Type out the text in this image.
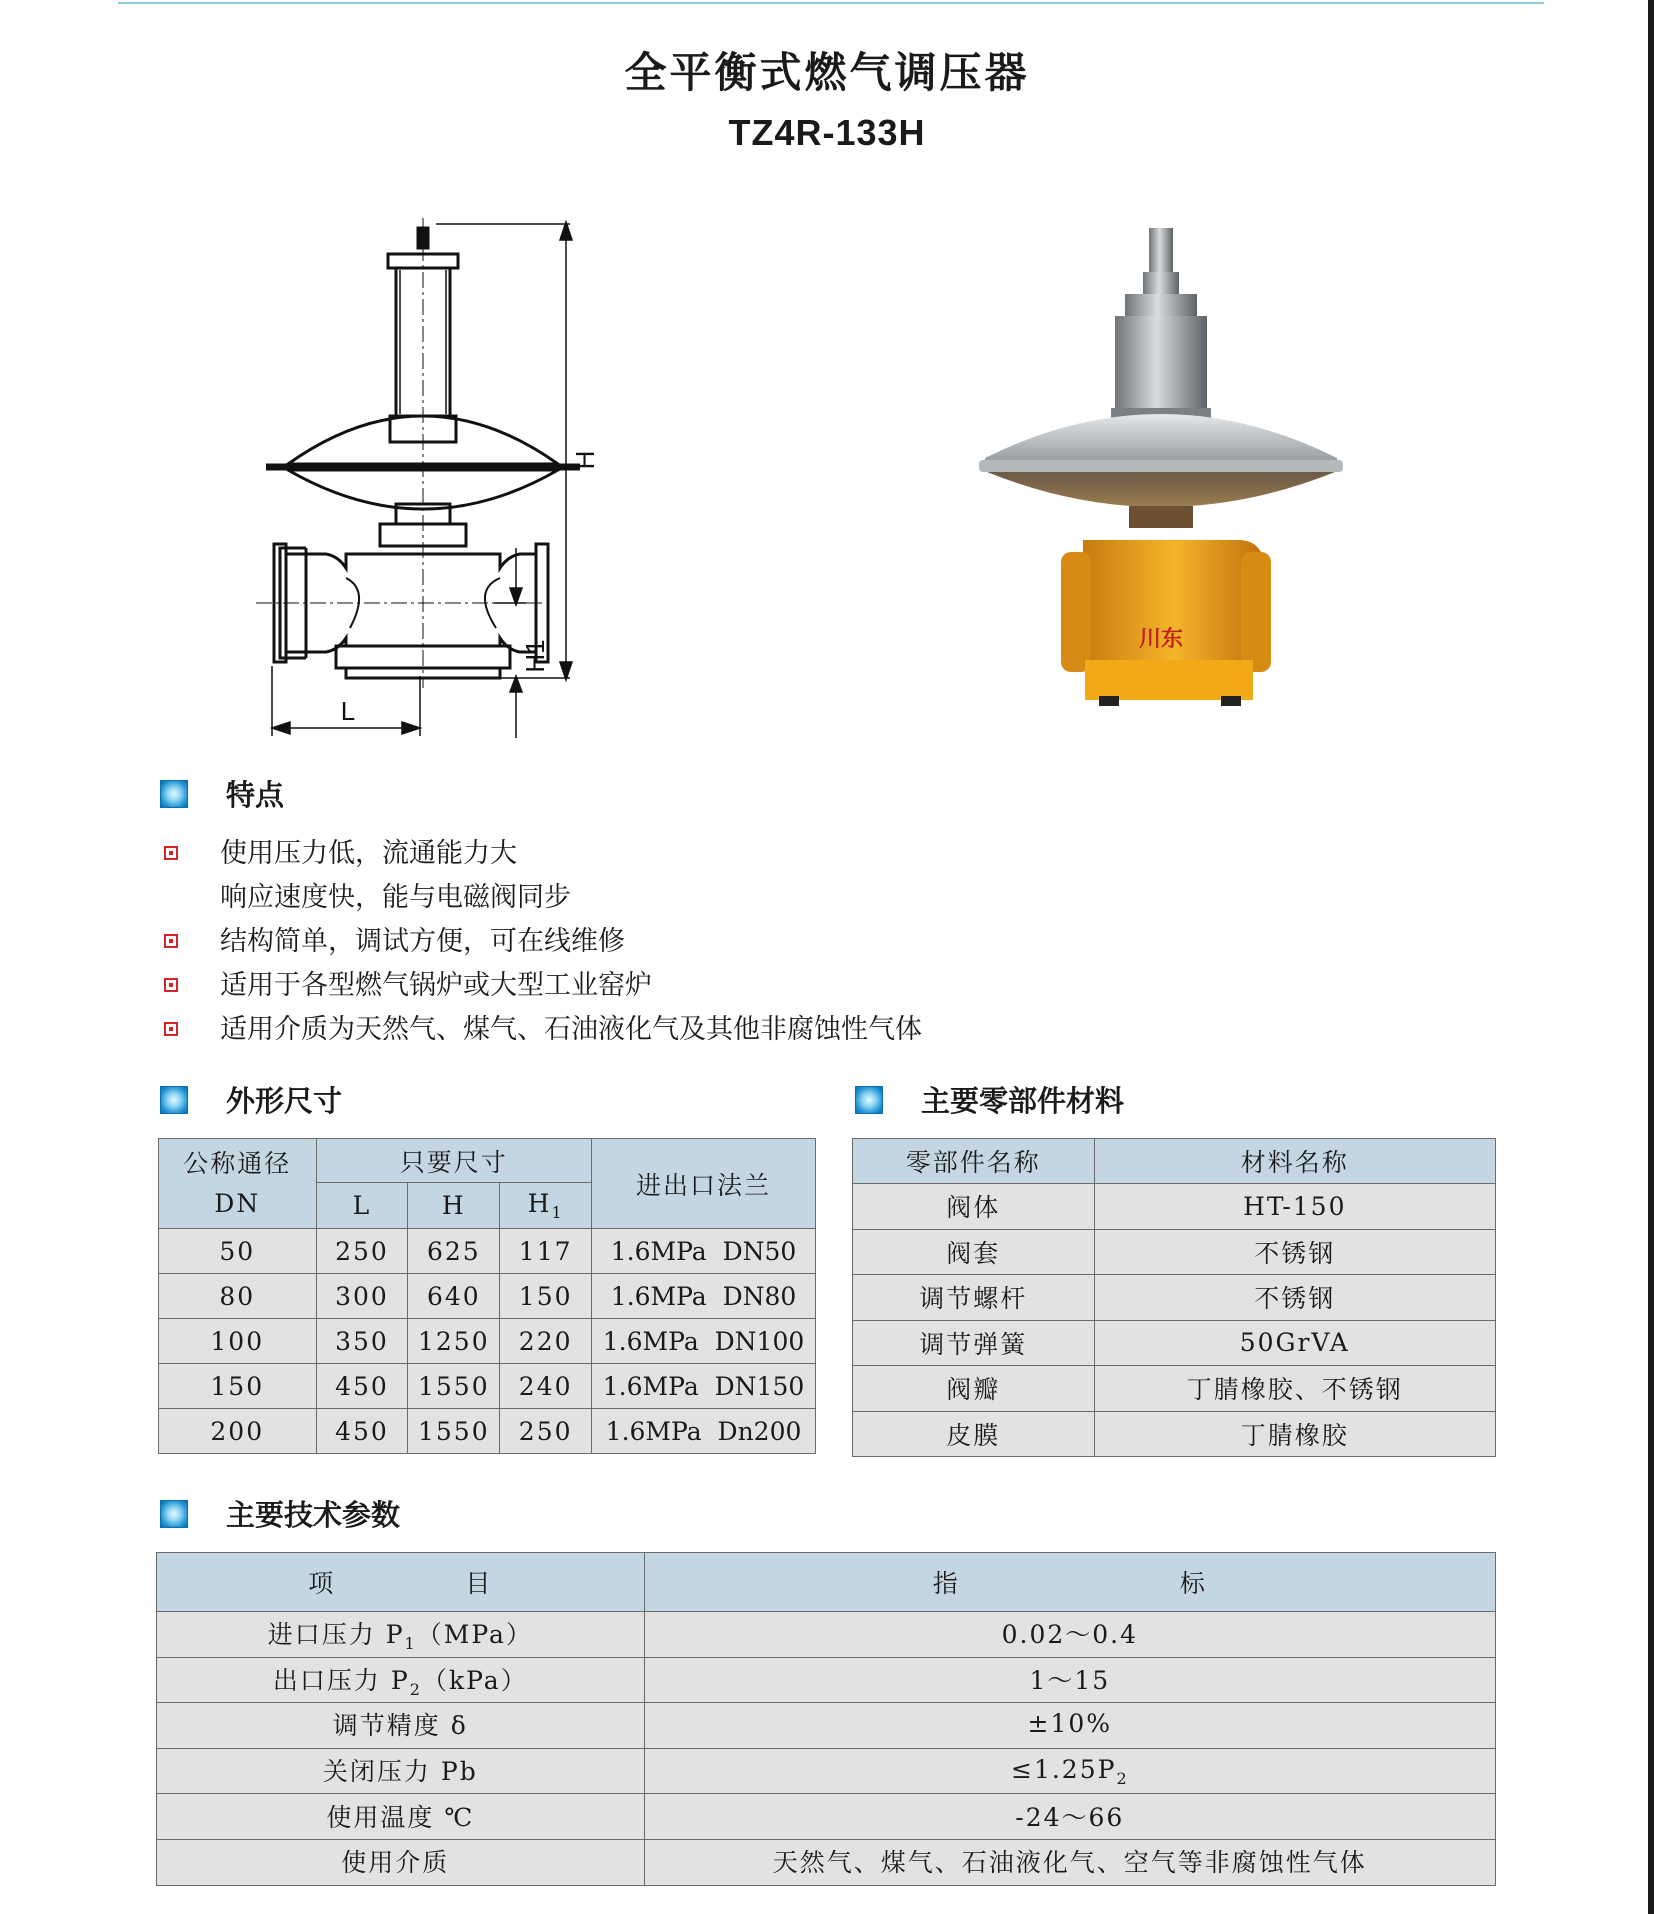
全平衡式燃气调压器
TZ4R-133H
H
H1
L
川东
特点
使用压力低，流通能力大
响应速度快，能与电磁阀同步
结构简单，调试方便，可在线维修
适用于各型燃气锅炉或大型工业窑炉
适用介质为天然气、煤气、石油液化气及其他非腐蚀性气体
外形尺寸	主要零部件材料
公称通径
DN	只要尺寸			进出口法兰
	L	H	$H_1$
50	250	625	117	1.6MPa  DN50
80	300	640	150	1.6MPa  DN80
100	350	1250	220	1.6MPa  DN100
150	450	1550	240	1.6MPa  DN150
200	450	1550	250	1.6MPa  Dn200
零部件名称	材料名称
阀体	HT-150
阀套	不锈钢
调节螺杆	不锈钢
调节弹簧	50GrVA
阀瓣	丁腈橡胶、不锈钢
皮膜	丁腈橡胶
主要技术参数
项 目	指 标
进口压力 $P_1(MPa)$	0.02～0.4
出口压力 $P_2(kPa)$	1～15
调节精度 δ	±10%
关闭压力 Pb	$\le 1.25P_2$
使用温度 ℃	-24～66
使用介质	天然气、煤气、石油液化气、空气等非腐蚀性气体
